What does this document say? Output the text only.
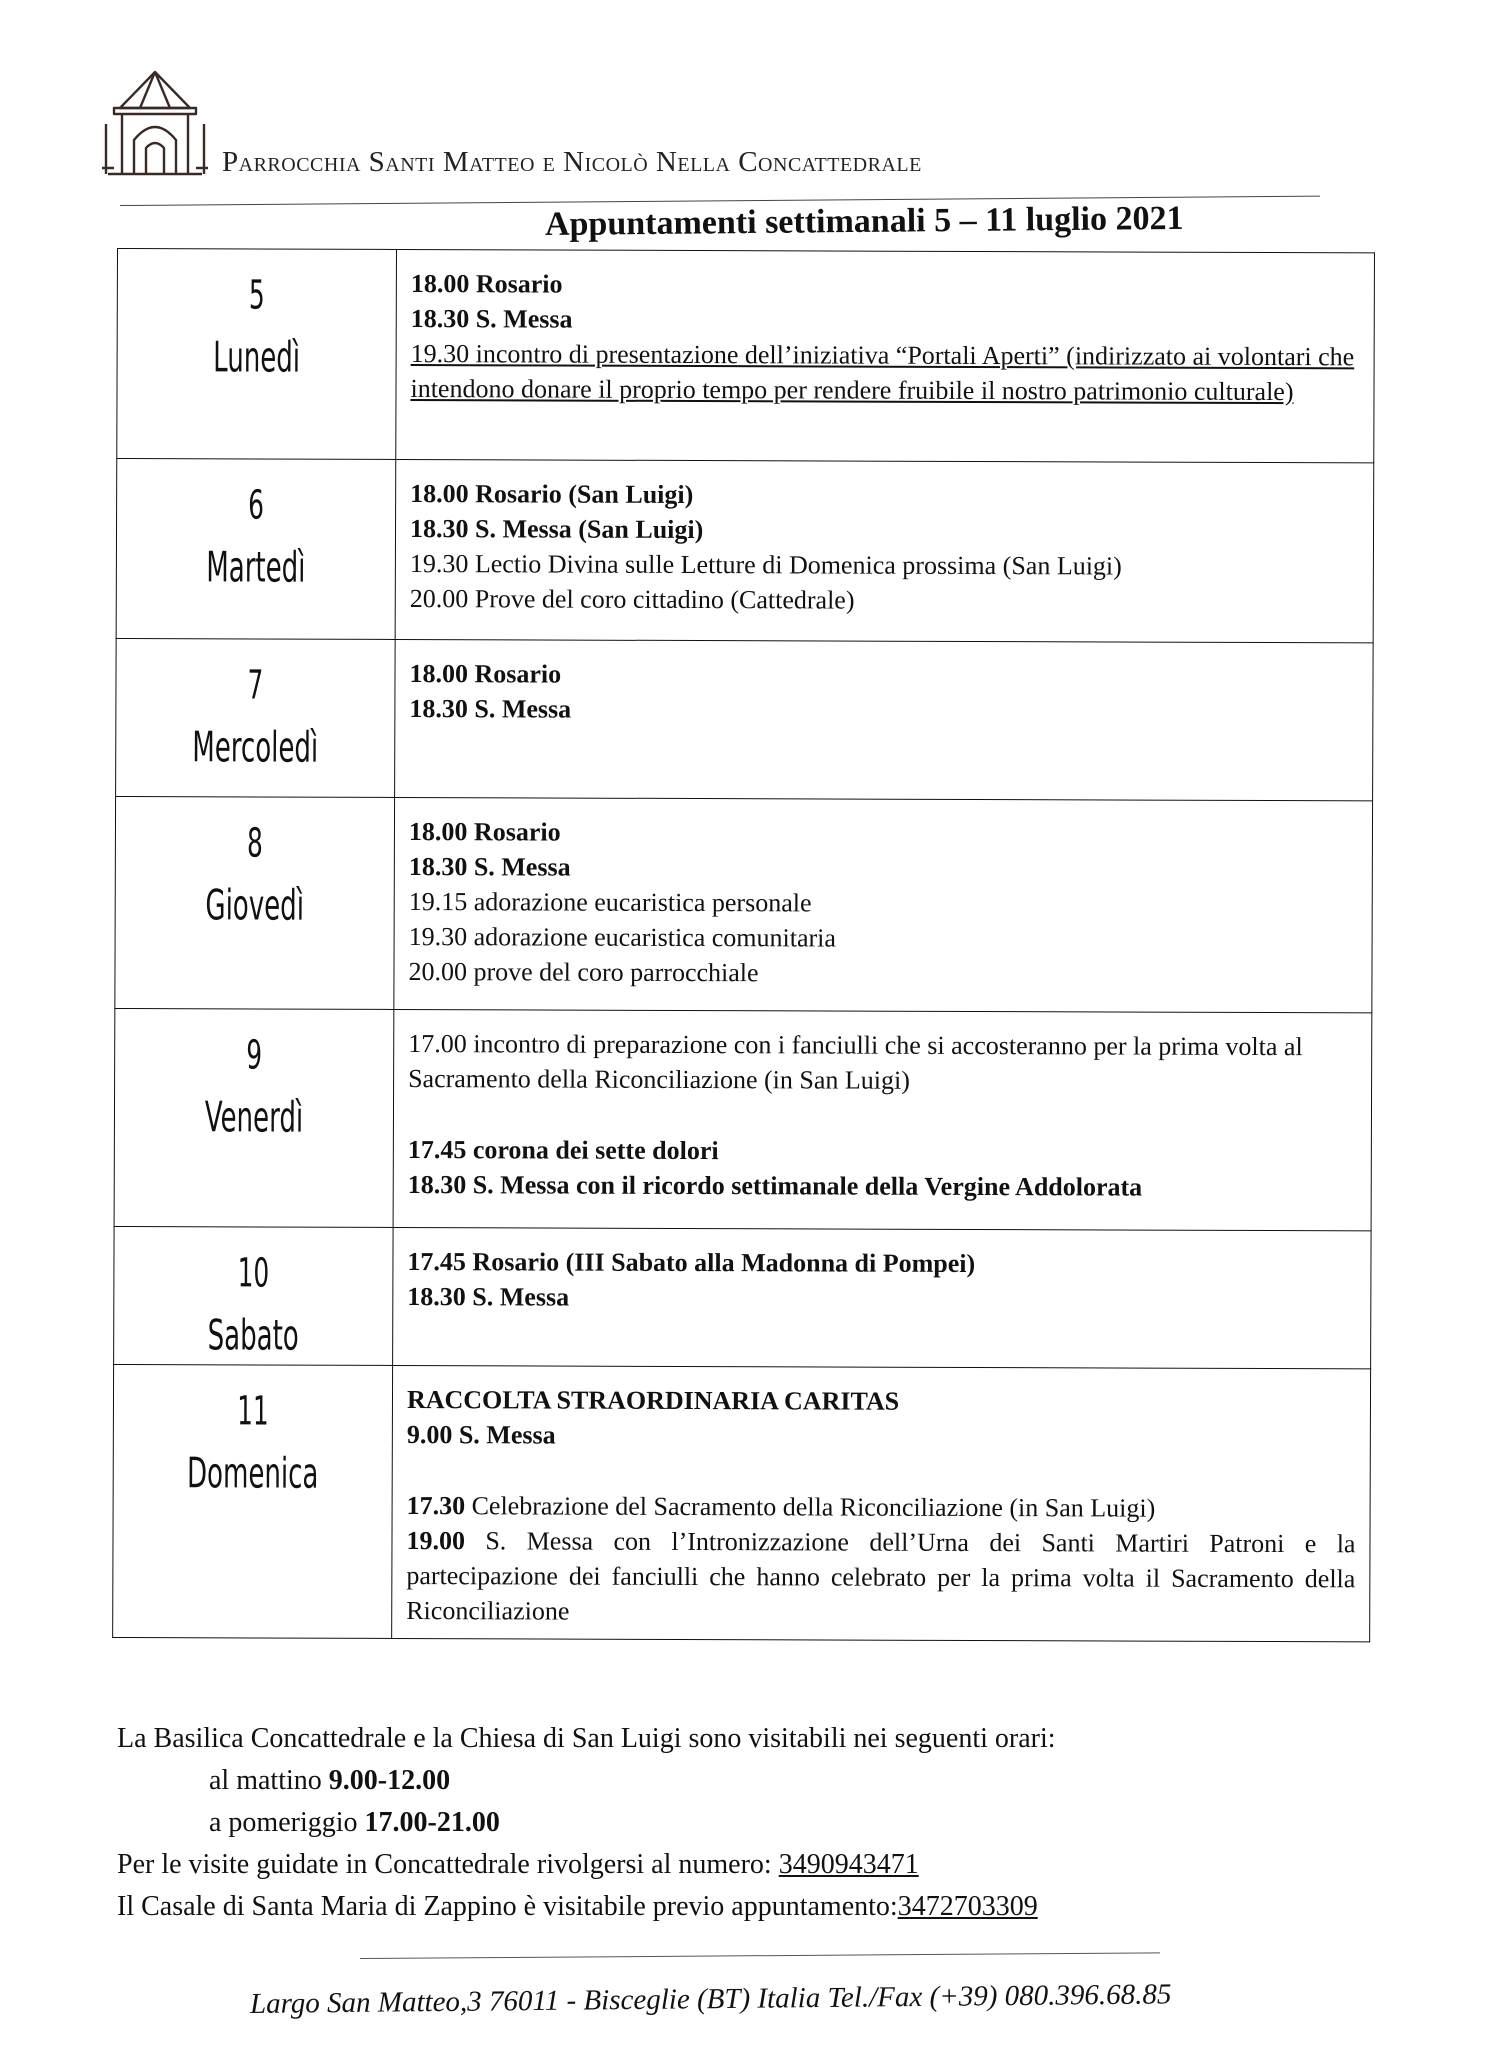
Parrocchia Santi Matteo e Nicolò Nella Concattedrale
Appuntamenti settimanali 5 – 11 luglio 2021
5
Lunedì	18.00 Rosario
18.30 S. Messa
19.30 incontro di presentazione dell’iniziativa “Portali Aperti” (indirizzato ai volontari che intendono donare il proprio tempo per rendere fruibile il nostro patrimonio culturale)

6
Martedì	18.00 Rosario (San Luigi)
18.30 S. Messa (San Luigi)
19.30 Lectio Divina sulle Letture di Domenica prossima (San Luigi)
20.00 Prove del coro cittadino (Cattedrale)

7
Mercoledì	18.00 Rosario
18.30 S. Messa

8
Giovedì	18.00 Rosario
18.30 S. Messa
19.15 adorazione eucaristica personale
19.30 adorazione eucaristica comunitaria
20.00 prove del coro parrocchiale

9
Venerdì	17.00 incontro di preparazione con i fanciulli che si accosteranno per la prima volta al Sacramento della Riconciliazione (in San Luigi)
17.45 corona dei sette dolori
18.30 S. Messa con il ricordo settimanale della Vergine Addolorata

10
Sabato	17.45 Rosario (III Sabato alla Madonna di Pompei)
18.30 S. Messa

11
Domenica	RACCOLTA STRAORDINARIA CARITAS
9.00 S. Messa
17.30 Celebrazione del Sacramento della Riconciliazione (in San Luigi)
19.00 S. Messa con l’Intronizzazione dell’Urna dei Santi Martiri Patroni e la partecipazione dei fanciulli che hanno celebrato per la prima volta il Sacramento della Riconciliazione
La Basilica Concattedrale e la Chiesa di San Luigi sono visitabili nei seguenti orari:
al mattino 9.00-12.00
a pomeriggio 17.00-21.00
Per le visite guidate in Concattedrale rivolgersi al numero: 3490943471
Il Casale di Santa Maria di Zappino è visitabile previo appuntamento:3472703309
Largo San Matteo,3 76011 - Bisceglie (BT) Italia Tel./Fax (+39) 080.396.68.85
